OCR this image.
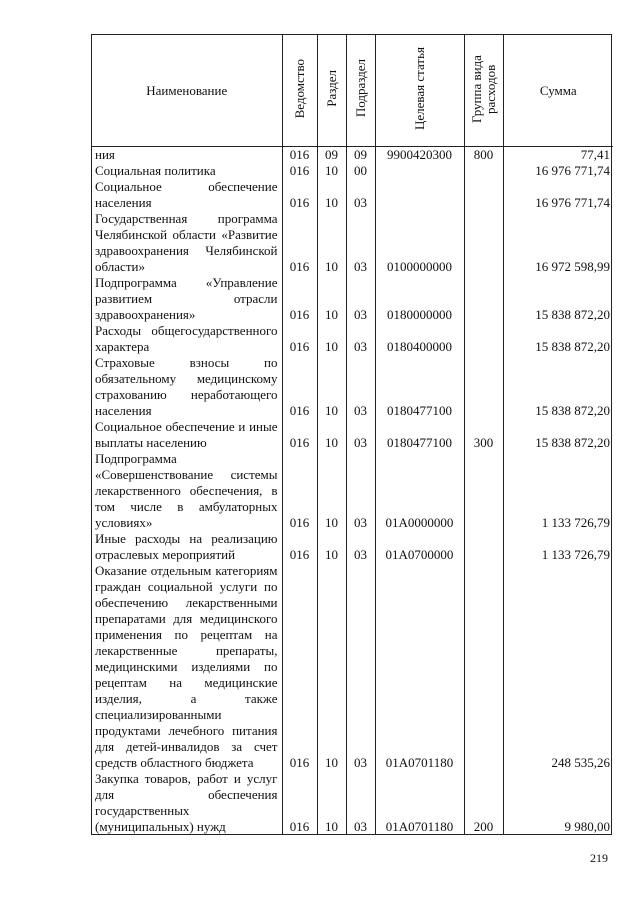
Наименование	Ведомство	Раздел	Подраздел	Целевая статья	Группа вида расходов	Сумма
ния	016	09	09	9900420300	800	77,41
Социальная политика	016	10	00			16 976 771,74
Социальное обеспечение населения	016	10	03			16 976 771,74
Государственная программа Челябинской области «Развитие здравоохранения Челябинской области»	016	10	03	0100000000		16 972 598,99
Подпрограмма «Управление развитием отрасли здравоохранения»	016	10	03	0180000000		15 838 872,20
Расходы общегосударственного характера	016	10	03	0180400000		15 838 872,20
Страховые взносы по обязательному медицинскому страхованию неработающего населения	016	10	03	0180477100		15 838 872,20
Социальное обеспечение и иные выплаты населению	016	10	03	0180477100	300	15 838 872,20
Подпрограмма «Совершенствование системы лекарственного обеспечения, в том числе в амбулаторных условиях»	016	10	03	01А0000000		1 133 726,79
Иные расходы на реализацию отраслевых мероприятий	016	10	03	01А0700000		1 133 726,79
Оказание отдельным категориям граждан социальной услуги по обеспечению лекарственными препаратами для медицинского применения по рецептам на лекарственные препараты, медицинскими изделиями по рецептам на медицинские изделия, а также специализированными продуктами лечебного питания для детей-инвалидов за счет средств областного бюджета	016	10	03	01А0701180		248 535,26
Закупка товаров, работ и услуг для обеспечения государственных (муниципальных) нужд	016	10	03	01А0701180	200	9 980,00
219
